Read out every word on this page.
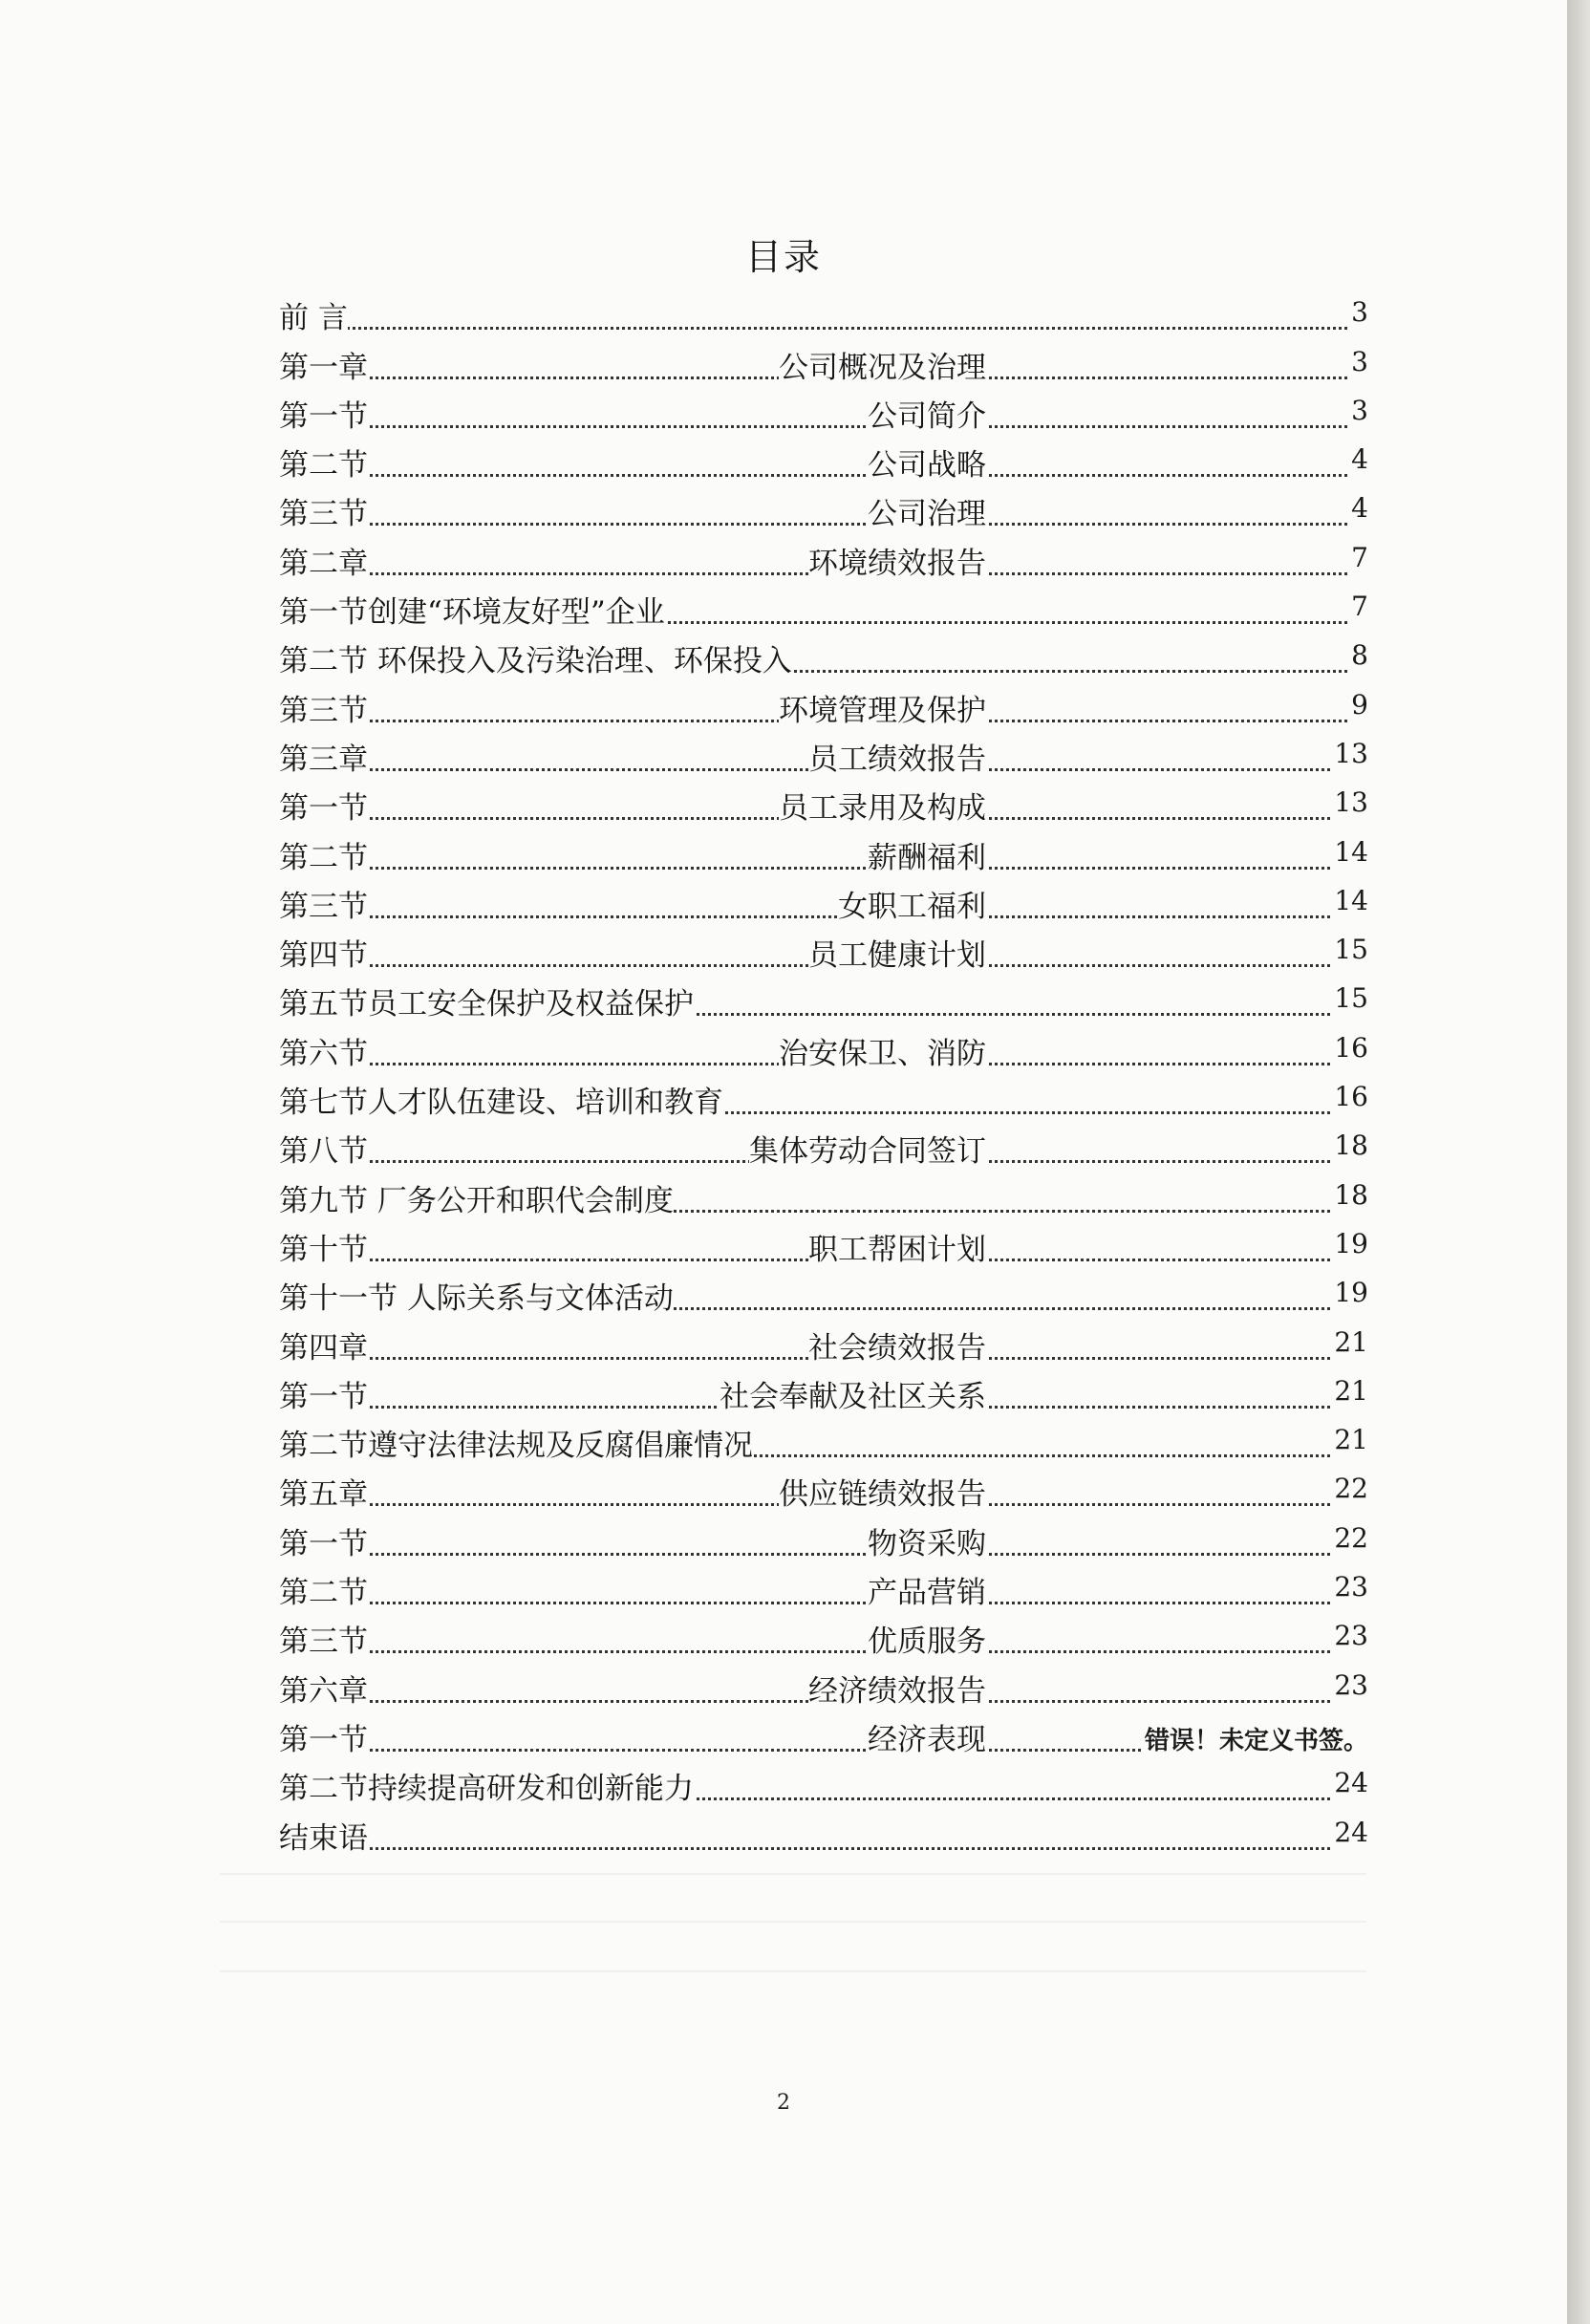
目录
前 言	3
第一章	公司概况及治理	3
第一节	公司简介	3
第二节	公司战略	4
第三节	公司治理	4
第二章	环境绩效报告	7
第一节创建“环境友好型”企业	7
第二节 环保投入及污染治理、环保投入	8
第三节	环境管理及保护	9
第三章	员工绩效报告	13
第一节	员工录用及构成	13
第二节	薪酬福利	14
第三节	女职工福利	14
第四节	员工健康计划	15
第五节员工安全保护及权益保护	15
第六节	治安保卫、消防	16
第七节人才队伍建设、培训和教育	16
第八节	集体劳动合同签订	18
第九节 厂务公开和职代会制度	18
第十节	职工帮困计划	19
第十一节 人际关系与文体活动	19
第四章	社会绩效报告	21
第一节	社会奉献及社区关系	21
第二节遵守法律法规及反腐倡廉情况	21
第五章	供应链绩效报告	22
第一节	物资采购	22
第二节	产品营销	23
第三节	优质服务	23
第六章	经济绩效报告	23
第一节	经济表现	错误！未定义书签。
第二节持续提高研发和创新能力	24
结束语	24
2
